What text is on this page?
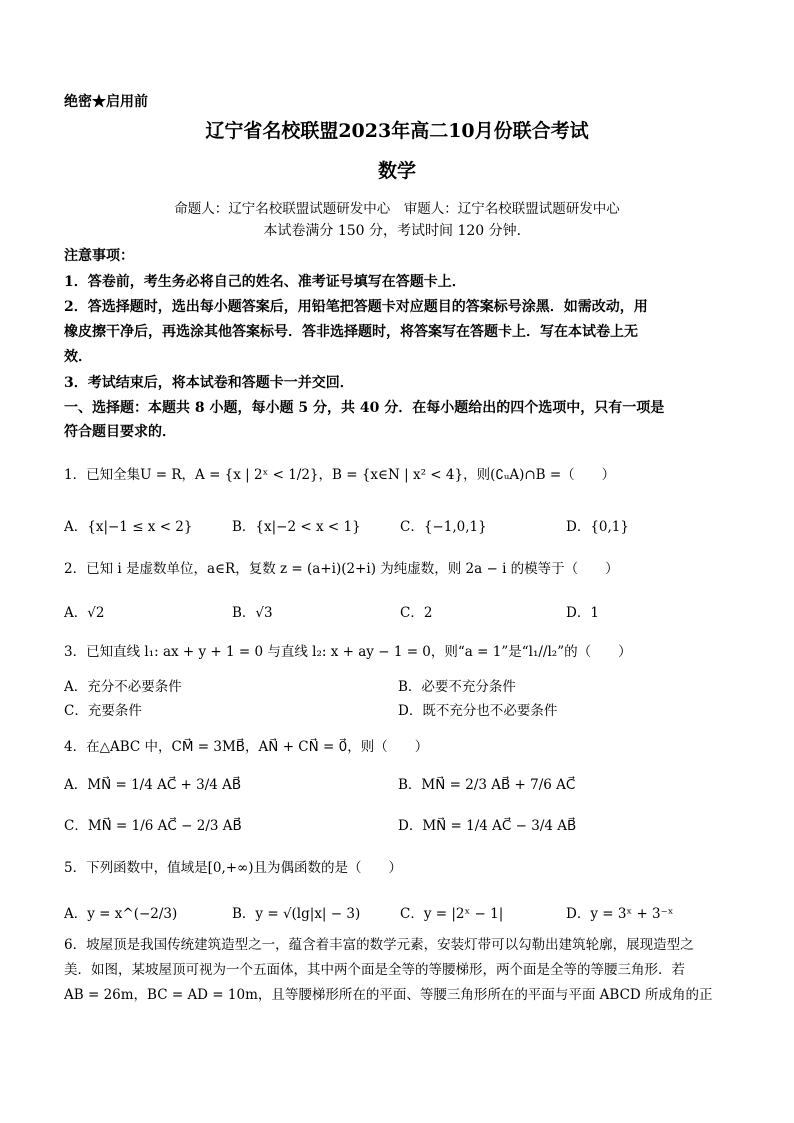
绝密★启用前
辽宁省名校联盟2023年高二10月份联合考试
数学
命题人：辽宁名校联盟试题研发中心　审题人：辽宁名校联盟试题研发中心
本试卷满分 150 分，考试时间 120 分钟．
注意事项：
1．答卷前，考生务必将自己的姓名、准考证号填写在答题卡上．
2．答选择题时，选出每小题答案后，用铅笔把答题卡对应题目的答案标号涂黑．如需改动，用
橡皮擦干净后，再选涂其他答案标号．答非选择题时，将答案写在答题卡上．写在本试卷上无
效．
3．考试结束后，将本试卷和答题卡一并交回．
一、选择题：本题共 8 小题，每小题 5 分，共 40 分．在每小题给出的四个选项中，只有一项是
符合题目要求的．
1．已知全集U = R，A = {x | 2ˣ < 1/2}，B = {x∈N | x² < 4}，则(∁ᵤA)∩B =（　　）
A．{x|−1 ≤ x < 2}	B．{x|−2 < x < 1}	C．{−1,0,1}	D．{0,1}
2．已知 i 是虚数单位，a∈R，复数 z = (a+i)(2+i) 为纯虚数，则 2a − i 的模等于（　　）
A．√2	B．√3	C．2	D．1
3．已知直线 l₁: ax + y + 1 = 0 与直线 l₂: x + ay − 1 = 0，则“a = 1”是“l₁//l₂”的（　　）
A．充分不必要条件	B．必要不充分条件
C．充要条件	D．既不充分也不必要条件
4．在△ABC 中，CM⃗ = 3MB⃗，AN⃗ + CN⃗ = 0⃗，则（　　）
A．MN⃗ = 1/4 AC⃗ + 3/4 AB⃗	B．MN⃗ = 2/3 AB⃗ + 7/6 AC⃗
C．MN⃗ = 1/6 AC⃗ − 2/3 AB⃗	D．MN⃗ = 1/4 AC⃗ − 3/4 AB⃗
5．下列函数中，值域是[0,+∞)且为偶函数的是（　　）
A．y = x^(−2/3)	B．y = √(lg|x| − 3)	C．y = |2ˣ − 1|	D．y = 3ˣ + 3⁻ˣ
6．坡屋顶是我国传统建筑造型之一，蕴含着丰富的数学元素，安装灯带可以勾勒出建筑轮廓，展现造型之
美．如图，某坡屋顶可视为一个五面体，其中两个面是全等的等腰梯形，两个面是全等的等腰三角形．若
AB = 26m，BC = AD = 10m，且等腰梯形所在的平面、等腰三角形所在的平面与平面 ABCD 所成角的正
